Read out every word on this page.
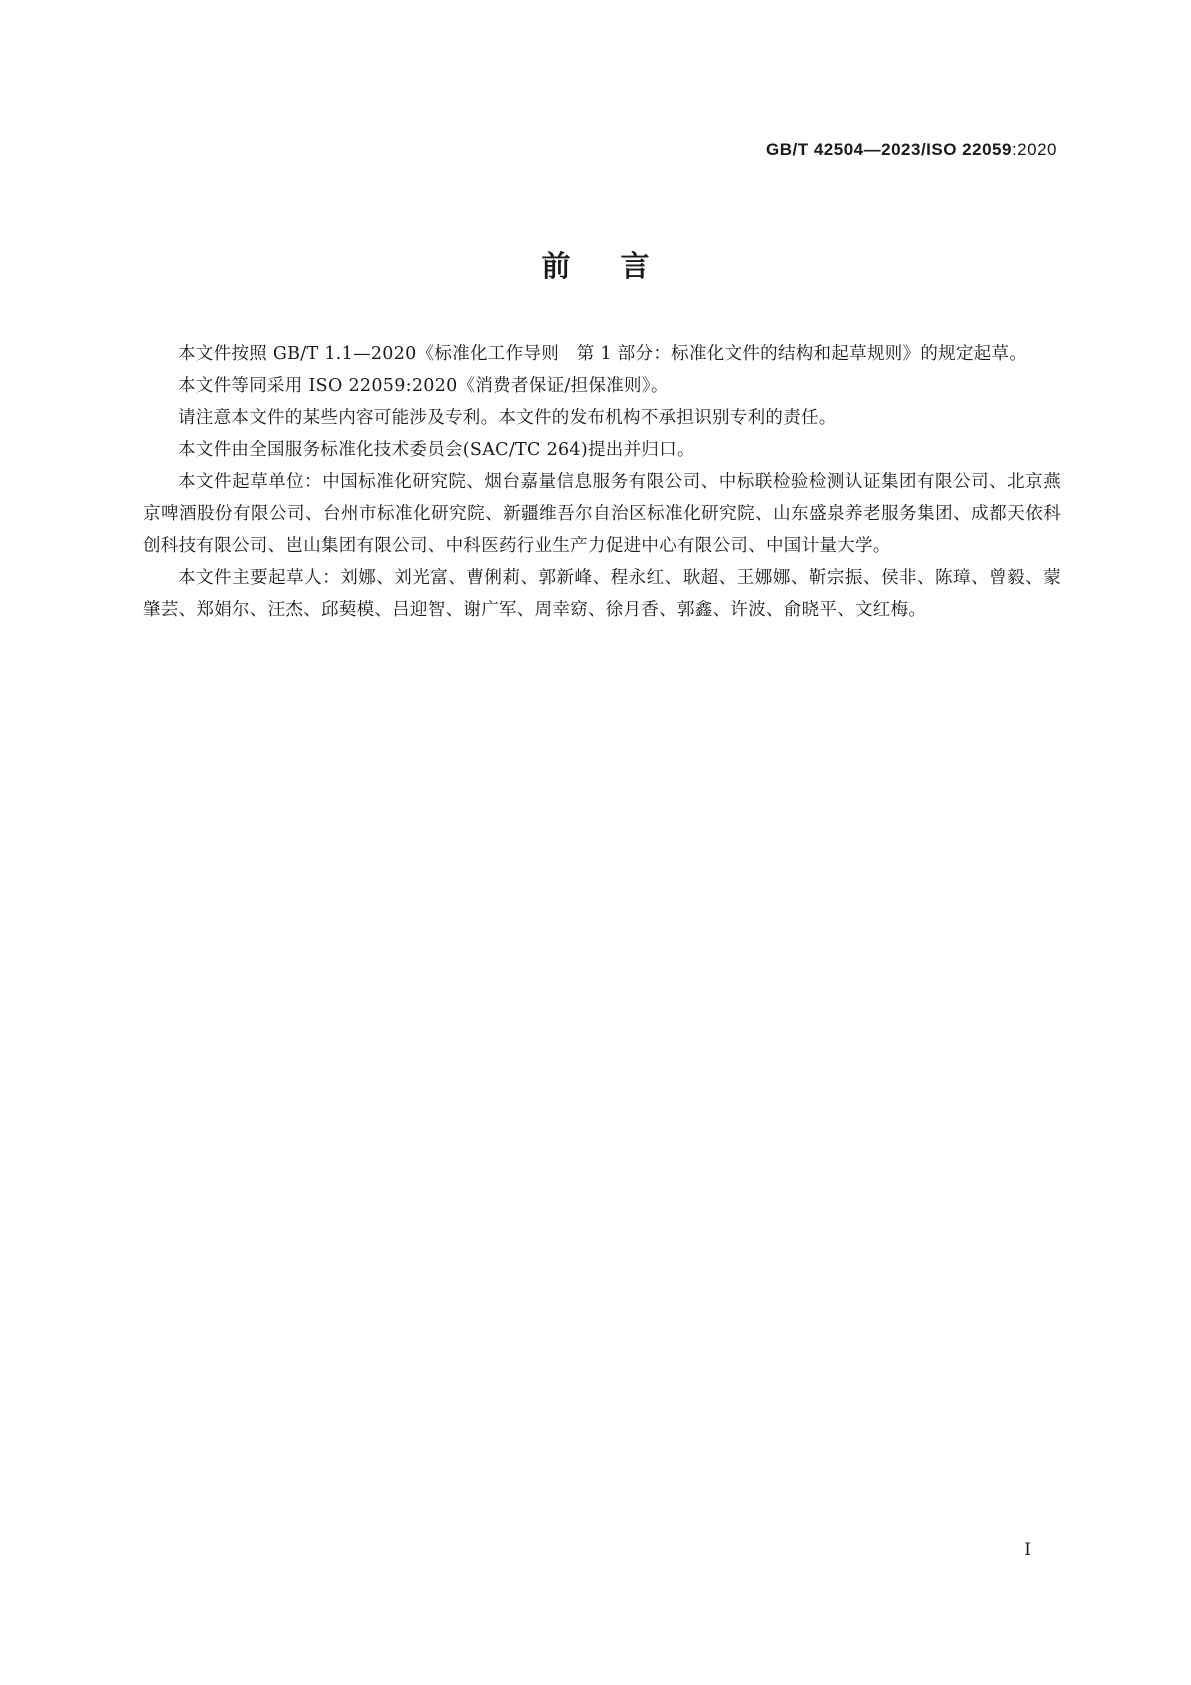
GB/T 42504—2023/ISO 22059:2020
前言

本文件按照 GB/T 1.1—2020《标准化工作导则　第 1 部分：标准化文件的结构和起草规则》的规定起草。

本文件等同采用 ISO 22059:2020《消费者保证/担保准则》。

请注意本文件的某些内容可能涉及专利。本文件的发布机构不承担识别专利的责任。

本文件由全国服务标准化技术委员会(SAC/TC 264)提出并归口。

本文件起草单位：中国标准化研究院、烟台嘉量信息服务有限公司、中标联检验检测认证集团有限公司、北京燕京啤酒股份有限公司、台州市标准化研究院、新疆维吾尔自治区标准化研究院、山东盛泉养老服务集团、成都天依科创科技有限公司、岜山集团有限公司、中科医药行业生产力促进中心有限公司、中国计量大学。

本文件主要起草人：刘娜、刘光富、曹俐莉、郭新峰、程永红、耿超、王娜娜、靳宗振、侯非、陈璋、曾毅、蒙肇芸、郑娟尔、汪杰、邱葜模、吕迎智、谢广军、周幸窈、徐月香、郭鑫、许波、俞晓平、文红梅。

I
